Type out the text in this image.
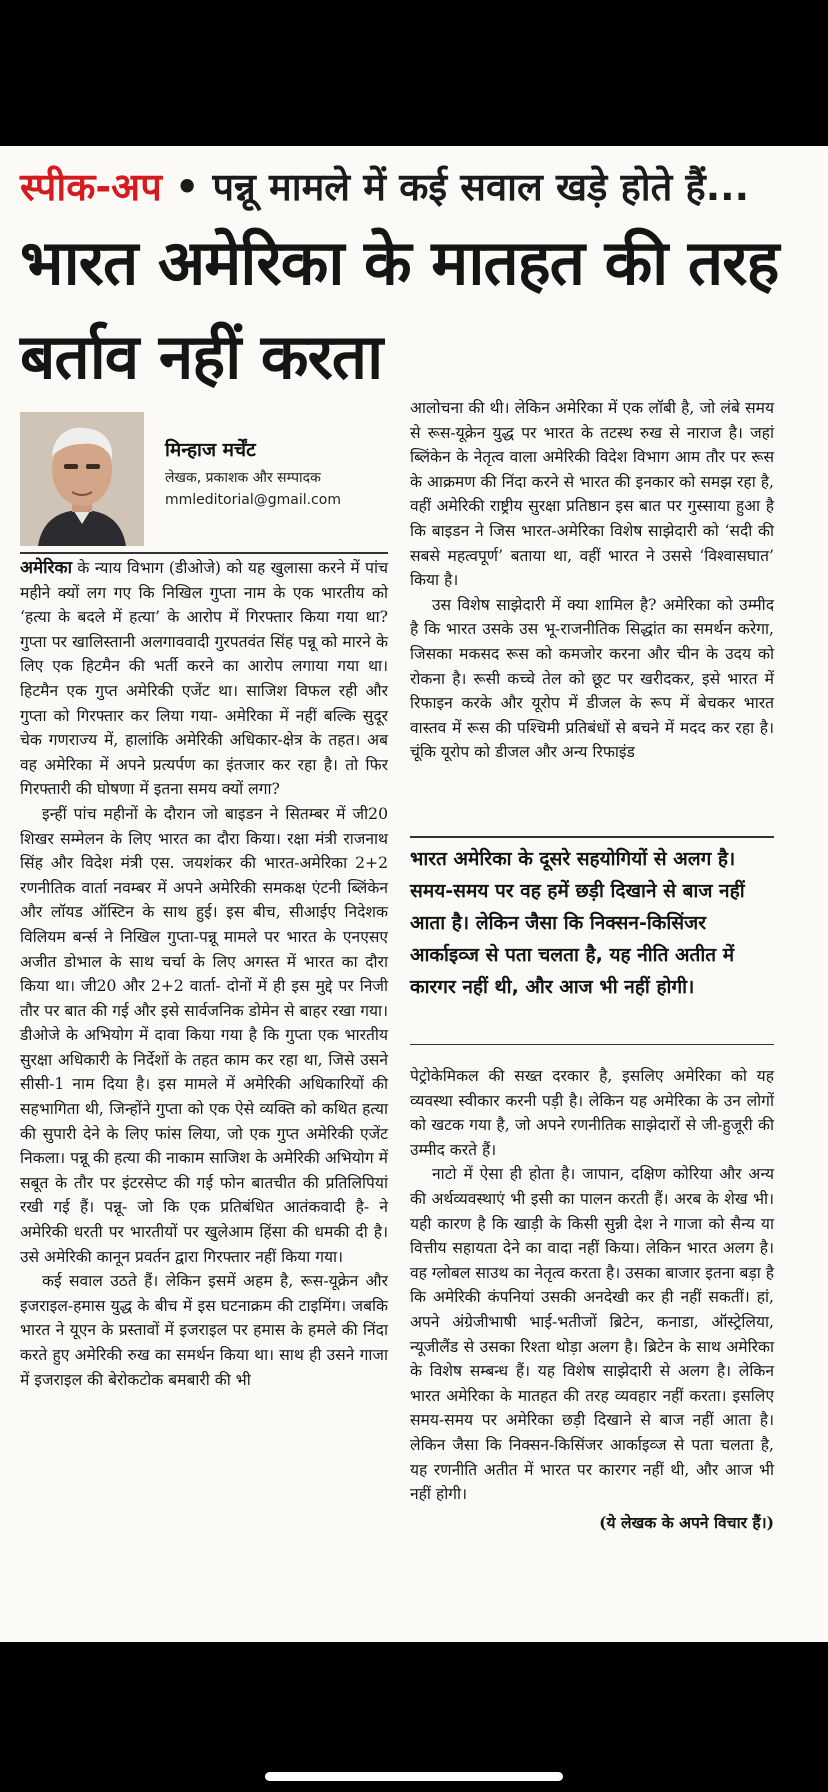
स्पीक-अप • पन्नू मामले में कई सवाल खड़े होते हैं...
भारत अमेरिका के मातहत की तरह बर्ताव नहीं करता
मिन्हाज मर्चेंट
लेखक, प्रकाशक और सम्पादक
mmleditorial@gmail.com

अमेरिका के न्याय विभाग (डीओजे) को यह खुलासा करने में पांच महीने क्यों लग गए कि निखिल गुप्ता नाम के एक भारतीय को ‘हत्या के बदले में हत्या’ के आरोप में गिरफ्तार किया गया था? गुप्ता पर खालिस्तानी अलगाववादी गुरपतवंत सिंह पन्नू को मारने के लिए एक हिटमैन की भर्ती करने का आरोप लगाया गया था। हिटमैन एक गुप्त अमेरिकी एजेंट था। साजिश विफल रही और गुप्ता को गिरफ्तार कर लिया गया- अमेरिका में नहीं बल्कि सुदूर चेक गणराज्य में, हालांकि अमेरिकी अधिकार-क्षेत्र के तहत। अब वह अमेरिका में अपने प्रत्यर्पण का इंतजार कर रहा है। तो फिर गिरफ्तारी की घोषणा में इतना समय क्यों लगा?

इन्हीं पांच महीनों के दौरान जो बाइडन ने सितम्बर में जी20 शिखर सम्मेलन के लिए भारत का दौरा किया। रक्षा मंत्री राजनाथ सिंह और विदेश मंत्री एस. जयशंकर की भारत-अमेरिका 2+2 रणनीतिक वार्ता नवम्बर में अपने अमेरिकी समकक्ष एंटनी ब्लिंकेन और लॉयड ऑस्टिन के साथ हुई। इस बीच, सीआईए निदेशक विलियम बर्न्स ने निखिल गुप्ता-पन्नू मामले पर भारत के एनएसए अजीत डोभाल के साथ चर्चा के लिए अगस्त में भारत का दौरा किया था। जी20 और 2+2 वार्ता- दोनों में ही इस मुद्दे पर निजी तौर पर बात की गई और इसे सार्वजनिक डोमेन से बाहर रखा गया। डीओजे के अभियोग में दावा किया गया है कि गुप्ता एक भारतीय सुरक्षा अधिकारी के निर्देशों के तहत काम कर रहा था, जिसे उसने सीसी-1 नाम दिया है। इस मामले में अमेरिकी अधिकारियों की सहभागिता थी, जिन्होंने गुप्ता को एक ऐसे व्यक्ति को कथित हत्या की सुपारी देने के लिए फांस लिया, जो एक गुप्त अमेरिकी एजेंट निकला। पन्नू की हत्या की नाकाम साजिश के अमेरिकी अभियोग में सबूत के तौर पर इंटरसेप्ट की गई फोन बातचीत की प्रतिलिपियां रखी गई हैं। पन्नू- जो कि एक प्रतिबंधित आतंकवादी है- ने अमेरिकी धरती पर भारतीयों पर खुलेआम हिंसा की धमकी दी है। उसे अमेरिकी कानून प्रवर्तन द्वारा गिरफ्तार नहीं किया गया।

कई सवाल उठते हैं। लेकिन इसमें अहम है, रूस-यूक्रेन और इजराइल-हमास युद्ध के बीच में इस घटनाक्रम की टाइमिंग। जबकि भारत ने यूएन के प्रस्तावों में इजराइल पर हमास के हमले की निंदा करते हुए अमेरिकी रुख का समर्थन किया था। साथ ही उसने गाजा में इजराइल की बेरोकटोक बमबारी की भी

आलोचना की थी। लेकिन अमेरिका में एक लॉबी है, जो लंबे समय से रूस-यूक्रेन युद्ध पर भारत के तटस्थ रुख से नाराज है। जहां ब्लिंकेन के नेतृत्व वाला अमेरिकी विदेश विभाग आम तौर पर रूस के आक्रमण की निंदा करने से भारत की इनकार को समझ रहा है, वहीं अमेरिकी राष्ट्रीय सुरक्षा प्रतिष्ठान इस बात पर गुस्साया हुआ है कि बाइडन ने जिस भारत-अमेरिका विशेष साझेदारी को ‘सदी की सबसे महत्वपूर्ण’ बताया था, वहीं भारत ने उससे ‘विश्वासघात’ किया है।

उस विशेष साझेदारी में क्या शामिल है? अमेरिका को उम्मीद है कि भारत उसके उस भू-राजनीतिक सिद्धांत का समर्थन करेगा, जिसका मकसद रूस को कमजोर करना और चीन के उदय को रोकना है। रूसी कच्चे तेल को छूट पर खरीदकर, इसे भारत में रिफाइन करके और यूरोप में डीजल के रूप में बेचकर भारत वास्तव में रूस की पश्चिमी प्रतिबंधों से बचने में मदद कर रहा है। चूंकि यूरोप को डीजल और अन्य रिफाइंड

भारत अमेरिका के दूसरे सहयोगियों से अलग है। समय-समय पर वह हमें छड़ी दिखाने से बाज नहीं आता है। लेकिन जैसा कि निक्सन-किसिंजर आर्काइव्ज से पता चलता है, यह नीति अतीत में कारगर नहीं थी, और आज भी नहीं होगी।

पेट्रोकेमिकल की सख्त दरकार है, इसलिए अमेरिका को यह व्यवस्था स्वीकार करनी पड़ी है। लेकिन यह अमेरिका के उन लोगों को खटक गया है, जो अपने रणनीतिक साझेदारों से जी-हुजूरी की उम्मीद करते हैं।

नाटो में ऐसा ही होता है। जापान, दक्षिण कोरिया और अन्य की अर्थव्यवस्थाएं भी इसी का पालन करती हैं। अरब के शेख भी। यही कारण है कि खाड़ी के किसी सुन्नी देश ने गाजा को सैन्य या वित्तीय सहायता देने का वादा नहीं किया। लेकिन भारत अलग है। वह ग्लोबल साउथ का नेतृत्व करता है। उसका बाजार इतना बड़ा है कि अमेरिकी कंपनियां उसकी अनदेखी कर ही नहीं सकतीं। हां, अपने अंग्रेजीभाषी भाई-भतीजों ब्रिटेन, कनाडा, ऑस्ट्रेलिया, न्यूजीलैंड से उसका रिश्ता थोड़ा अलग है। ब्रिटेन के साथ अमेरिका के विशेष सम्बन्ध हैं। यह विशेष साझेदारी से अलग है। लेकिन भारत अमेरिका के मातहत की तरह व्यवहार नहीं करता। इसलिए समय-समय पर अमेरिका छड़ी दिखाने से बाज नहीं आता है। लेकिन जैसा कि निक्सन-किसिंजर आर्काइव्ज से पता चलता है, यह रणनीति अतीत में भारत पर कारगर नहीं थी, और आज भी नहीं होगी।

(ये लेखक के अपने विचार हैं।)
